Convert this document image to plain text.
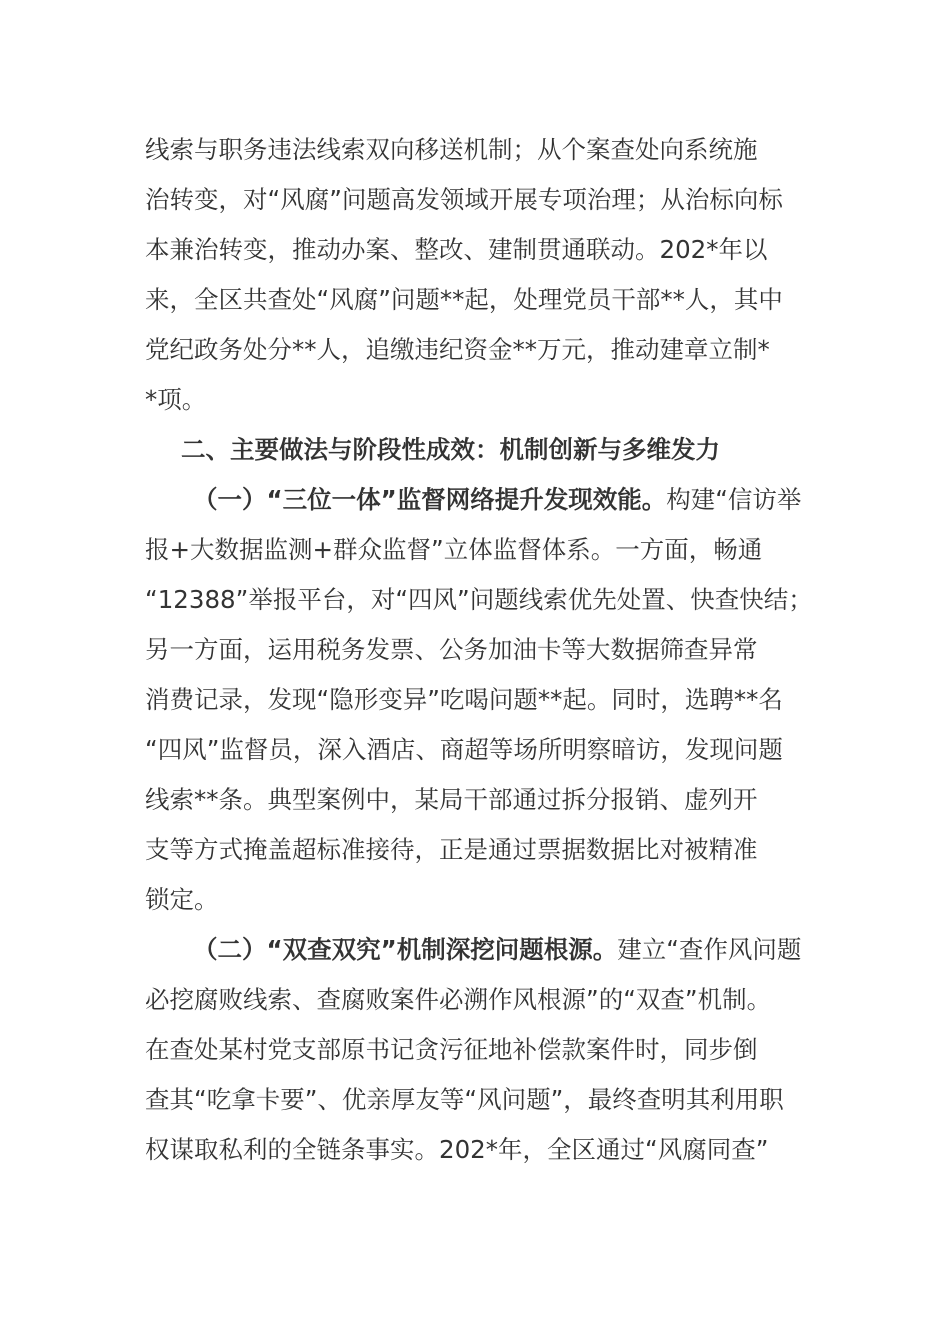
线索与职务违法线索双向移送机制；从个案查处向系统施
治转变，对“风腐”问题高发领域开展专项治理；从治标向标
本兼治转变，推动办案、整改、建制贯通联动。202*年以
来，全区共查处“风腐”问题**起，处理党员干部**人，其中
党纪政务处分**人，追缴违纪资金**万元，推动建章立制*
*项。
二、主要做法与阶段性成效：机制创新与多维发力
（一）“三位一体”监督网络提升发现效能。构建“信访举
报+大数据监测+群众监督”立体监督体系。一方面，畅通
“12388”举报平台，对“四风”问题线索优先处置、快查快结；
另一方面，运用税务发票、公务加油卡等大数据筛查异常
消费记录，发现“隐形变异”吃喝问题**起。同时，选聘**名
“四风”监督员，深入酒店、商超等场所明察暗访，发现问题
线索**条。典型案例中，某局干部通过拆分报销、虚列开
支等方式掩盖超标准接待，正是通过票据数据比对被精准
锁定。
（二）“双查双究”机制深挖问题根源。建立“查作风问题
必挖腐败线索、查腐败案件必溯作风根源”的“双查”机制。
在查处某村党支部原书记贪污征地补偿款案件时，同步倒
查其“吃拿卡要”、优亲厚友等“风问题”，最终查明其利用职
权谋取私利的全链条事实。202*年，全区通过“风腐同查”
